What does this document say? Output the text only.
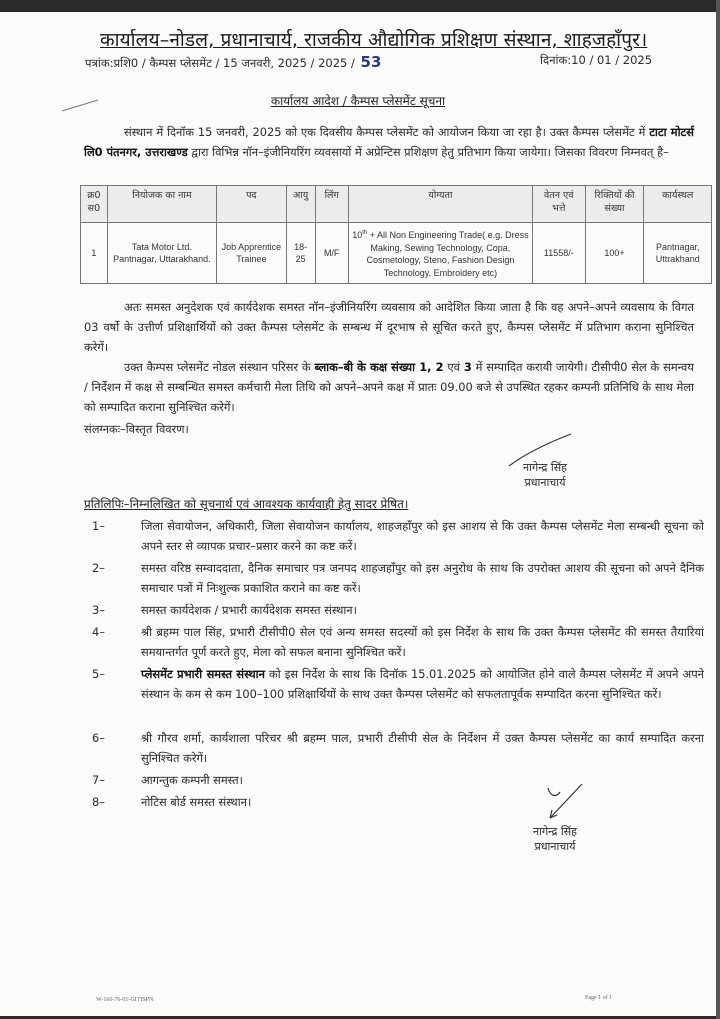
कार्यालय–नोडल, प्रधानाचार्य, राजकीय औद्योगिक प्रशिक्षण संस्थान, शाहजहाँपुर।
पत्रांक:प्रशि0 / कैम्पस प्लेसमेंट / 15 जनवरी, 2025 / 2025 / 53	दिनांक:10 / 01 / 2025
कार्यालय आदेश / कैम्पस प्लेसमेंट सूचना
संस्थान में दिनॉक 15 जनवरी, 2025 को एक दिवसीय कैम्पस प्लेसमेंट को आयोजन किया जा रहा है। उक्त कैम्पस प्लेसमेंट में टाटा मोटर्स लि0 पंतनगर, उत्तराखण्ड द्वारा विभिन्न नॉन–इंजीनियरिंग व्यवसायों में अप्रेन्टिस प्रशिक्षण हेतु प्रतिभाग किया जायेगा। जिसका विवरण निम्नवत् है–
क्र0 स0	नियोजक का नाम	पद	आयु	लिंग	योग्यता	वेतन एवं भत्ते	रिक्तियों की संख्या	कार्यस्थल
1	Tata Motor Ltd. Pantnagar, Uttarakhand.	Job Apprentice Trainee	18-25	M/F	10th + All Non Engineering Trade( e.g. Dress Making, Sewing Technology, Copa, Cosmetology, Steno, Fashion Design Technology, Embroidery etc)	11558/-	100+	Pantnagar, Uttrakhand
अतः समस्त अनुदेशक एवं कार्यदेशक समस्त नॉन–इंजीनियरिंग व्यवसाय को आदेशित किया जाता है कि वह अपने–अपने व्यवसाय के विगत 03 वर्षो के उत्तीर्ण प्रशिक्षार्थियों को उक्त कैम्पस प्लेसमेंट के सम्बन्ध में दूरभाष से सूचित करते हुए, कैम्पस प्लेसमेंट में प्रतिभाग कराना सुनिश्चित करेगें।
उक्त कैम्पस प्लेसमेंट नोडल संस्थान परिसर के ब्लाक–बी के कक्ष संख्या 1, 2 एवं 3 में सम्पादित करायी जायेगी। टीसीपी0 सेल के समन्वय / निर्देशन में कक्ष से सम्बन्धित समस्त कर्मचारी मेला तिथि को अपने–अपने कक्ष में प्रातः 09.00 बजे से उपस्थित रहकर कम्पनी प्रतिनिधि के साथ मेला को सम्पादित कराना सुनिश्चित करेगें।
संलग्नकः–विस्तृत विवरण।
नागेन्द्र सिंह
प्रधानाचार्य
प्रतिलिपिः–निम्नलिखित को सूचनार्थ एवं आवश्यक कार्यवाही हेतु सादर प्रेषित।
1–	जिला सेवायोजन, अधिकारी, जिला सेवायोजन कार्यालय, शाहजहाँपुर को इस आशय से कि उक्त कैम्पस प्लेसमेंट मेला सम्बन्धी सूचना को अपने स्तर से व्यापक प्रचार–प्रसार करने का कष्ट करें।
2–	समस्त वरिष्ठ सम्वाददाता, दैनिक समाचार पत्र जनपद शाहजहाँपुर को इस अनुरोध के साथ कि उपरोक्त आशय की सूचना को अपने दैनिक समाचार पत्रों में निःशुल्क प्रकाशित कराने का कष्ट करें।
3–	समस्त कार्यदेशक / प्रभारी कार्यदेशक समस्त संस्थान।
4–	श्री ब्रहम्म पाल सिंह, प्रभारी टीसीपी0 सेल एवं अन्य समस्त सदस्यों को इस निर्देश के साथ कि उक्त कैम्पस प्लेसमेंट की समस्त तैयारियां समयान्तर्गत पूर्ण करते हुए, मेला को सफल बनाना सुनिश्चित करें।
5–	प्लेसमेंट प्रभारी समस्त संस्थान को इस निर्देश के साथ कि दिनॉक 15.01.2025 को आयोजित होने वाले कैम्पस प्लेसमेंट में अपने अपने संस्थान के कम से कम 100–100 प्रशिक्षार्थियों के साथ उक्त कैम्पस प्लेसमेंट को सफलतापूर्वक सम्पादित करना सुनिश्चित करें।
6–	श्री गौरव शर्मा, कार्यशाला परिचर श्री ब्रहम्म पाल, प्रभारी टीसीपी सेल के निर्देशन में उक्त कैम्पस प्लेसमेंट का कार्य सम्पादित करना सुनिश्चित करेगें।
7–	आगन्तुक कम्पनी समस्त।
8–	नोटिस बोर्ड समस्त संस्थान।
नागेन्द्र सिंह
प्रधानाचार्य
W-160-76-01-GITISPN	Page 1 of 1
